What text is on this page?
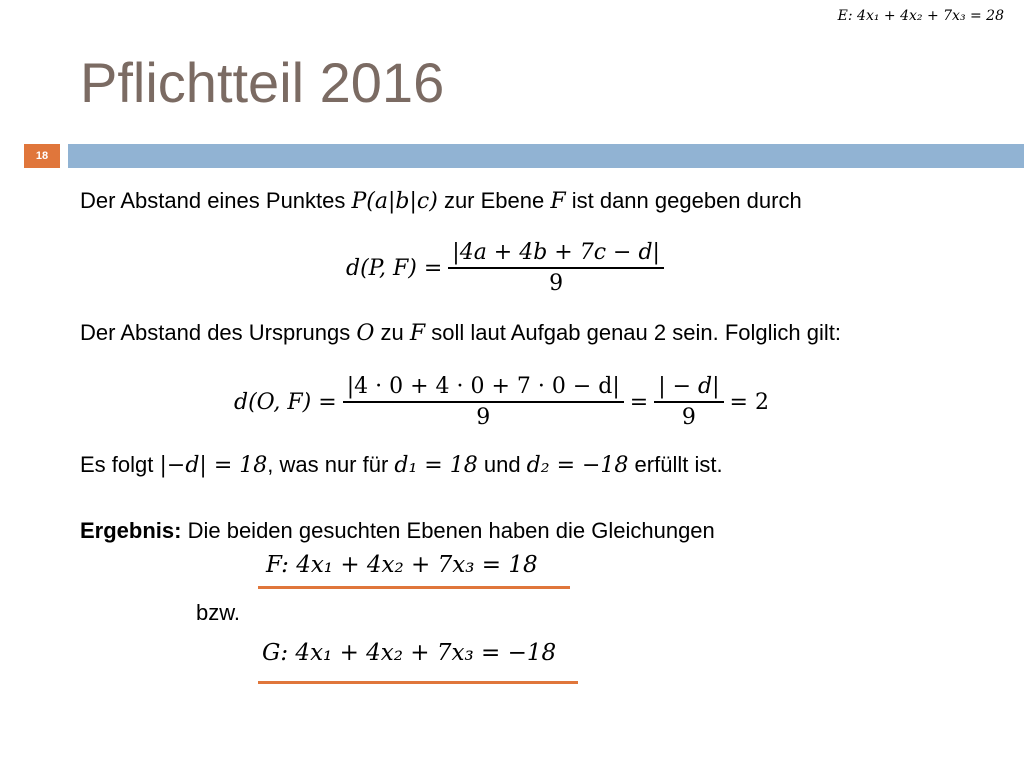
E: 4x₁ + 4x₂ + 7x₃ = 28
Pflichtteil 2016
18
Der Abstand eines Punktes P(a|b|c) zur Ebene F ist dann gegeben durch
d(P, $F) = \frac{|4a + 4b + 7c - d|}{9}$
Der Abstand des Ursprungs O zu F soll laut Aufgab genau 2 sein. Folglich gilt:
d(O, $F) = \frac{|4 \cdot 0 + 4 \cdot 0 + 7 \cdot 0 - d|}{9} = \frac{| - d|}{9} = 2$
Es folgt |−d| = 18, was nur für d₁ = 18 und d₂ = −18 erfüllt ist.
Ergebnis: Die beiden gesuchten Ebenen haben die Gleichungen
F: 4x₁ + 4x₂ + 7x₃ = 18
bzw.
G: 4x₁ + 4x₂ + 7x₃ = −18
